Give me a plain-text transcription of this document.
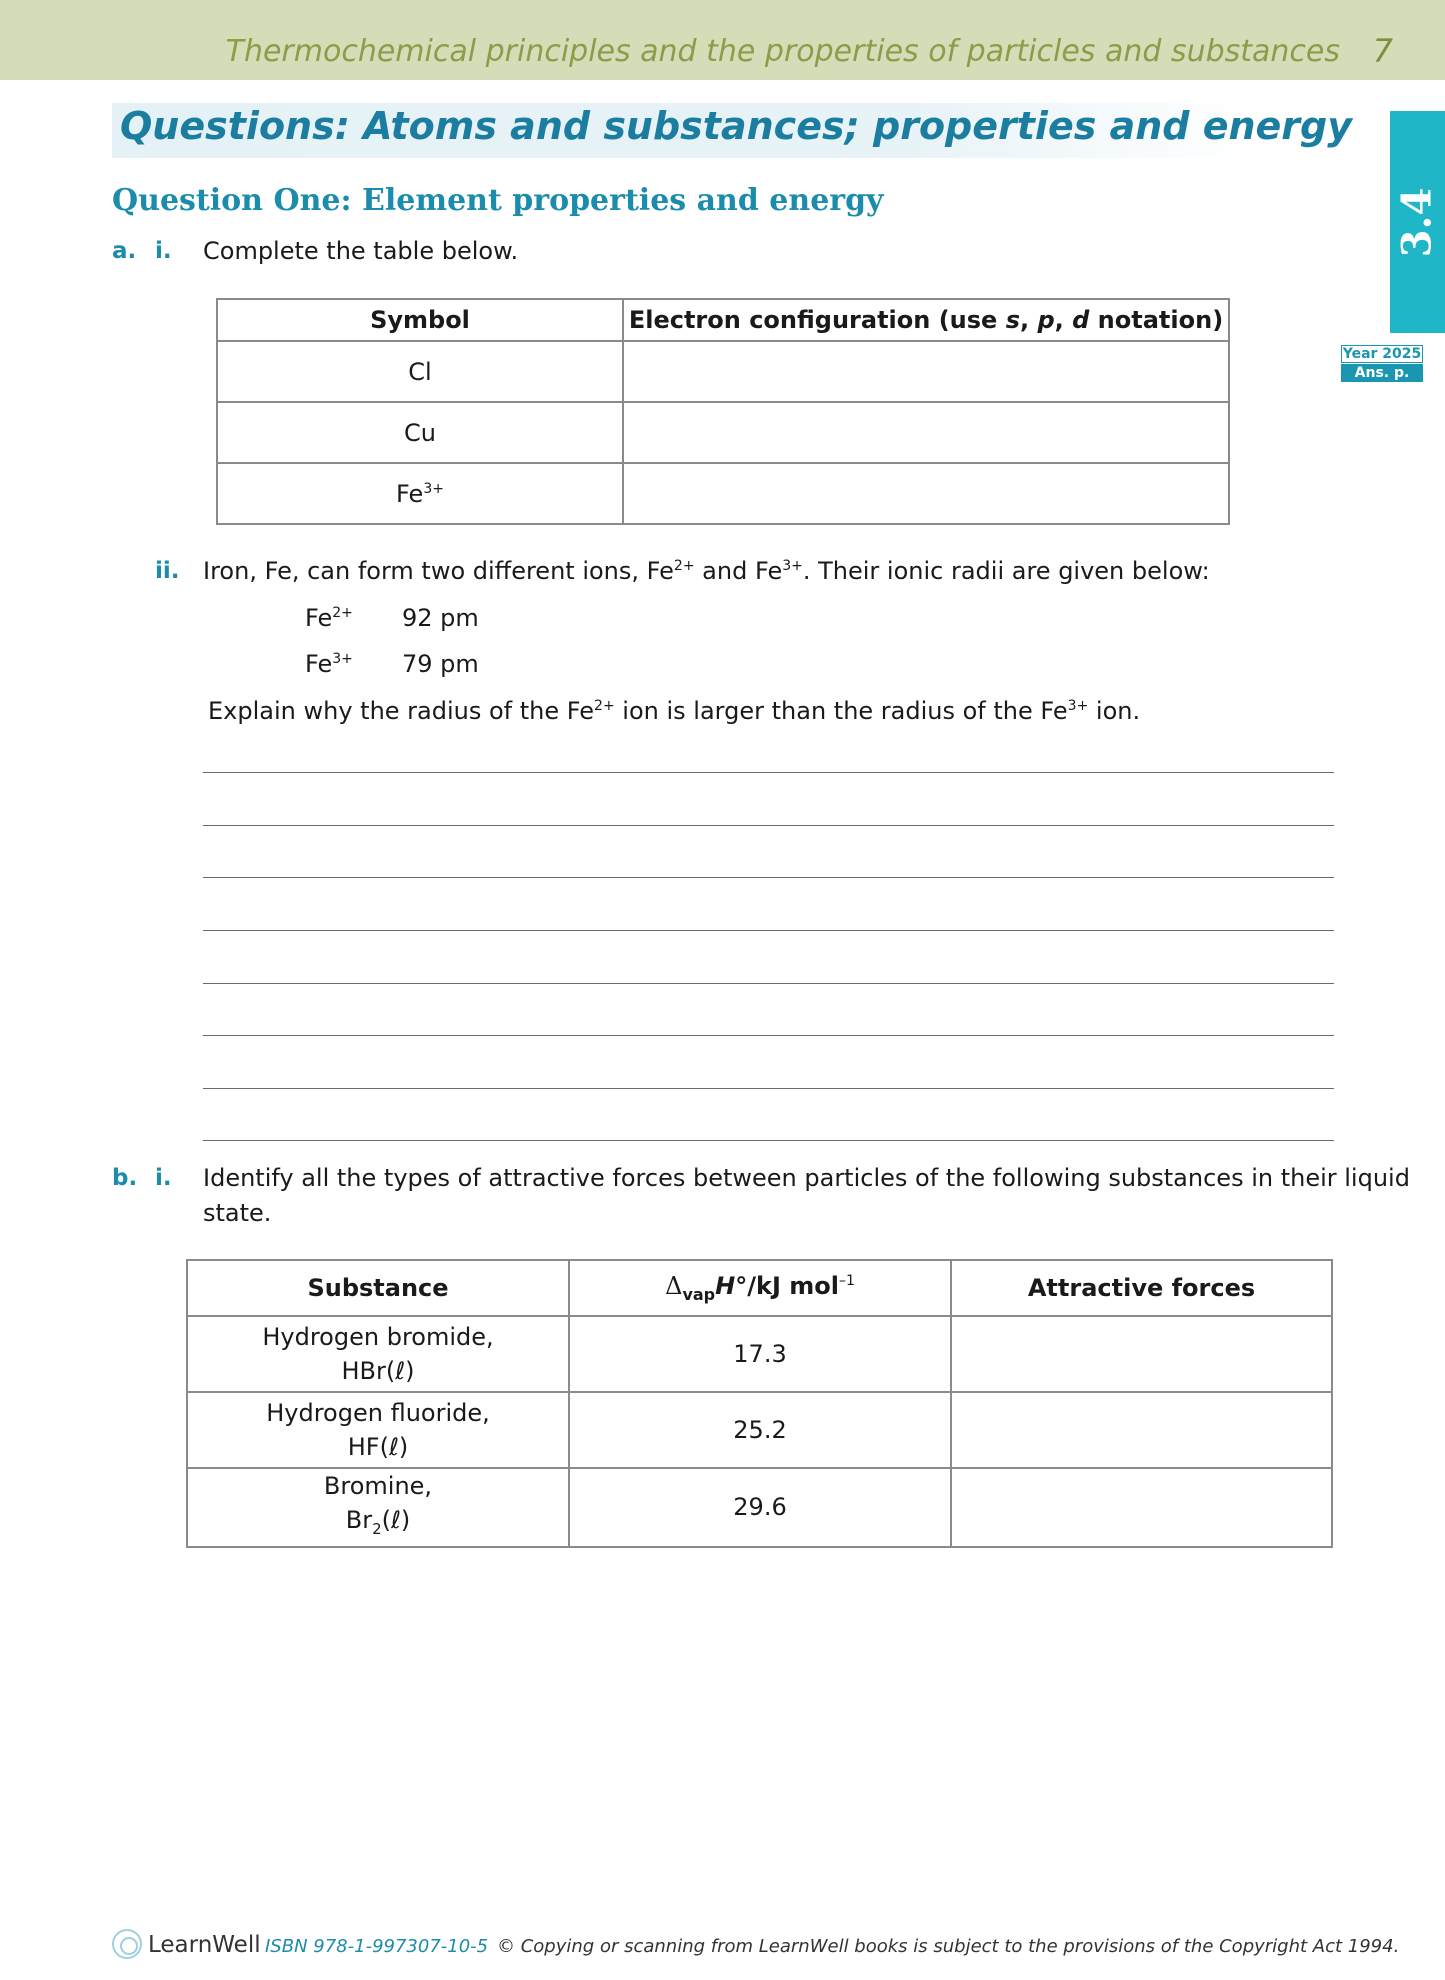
Thermochemical principles and the properties of particles and substances 7
3.4
Year 2025
Ans. p. 129
Questions: Atoms and substances; properties and energy
Question One: Element properties and energy
a. i. Complete the table below.
Symbol	Electron configuration (use s, p, d notation)
Cl	
Cu	
$Fe^{3+}$	
ii. Iron, Fe, can form two different ions, $Fe^{2+}$ and $Fe^{3+}$. Their ionic radii are given below:
$Fe^{2+}$ 92 pm
$Fe^{3+}$ 79 pm
Explain why the radius of the $Fe^{2+}$ ion is larger than the radius of the $Fe^{3+}$ ion.
b. i. Identify all the types of attractive forces between particles of the following substances in their liquid
state.
Substance	$\Delta_{vap}H^\circ/kJ$ mol$^{-1}$	Attractive forces
Hydrogen bromide,
HBr(ℓ)	17.3	
Hydrogen fluoride,
HF(ℓ)	25.2	
Bromine,
$Br_2(\ell)$	29.6	
LearnWell ISBN 978-1-997307-10-5 © Copying or scanning from LearnWell books is subject to the provisions of the Copyright Act 1994.
